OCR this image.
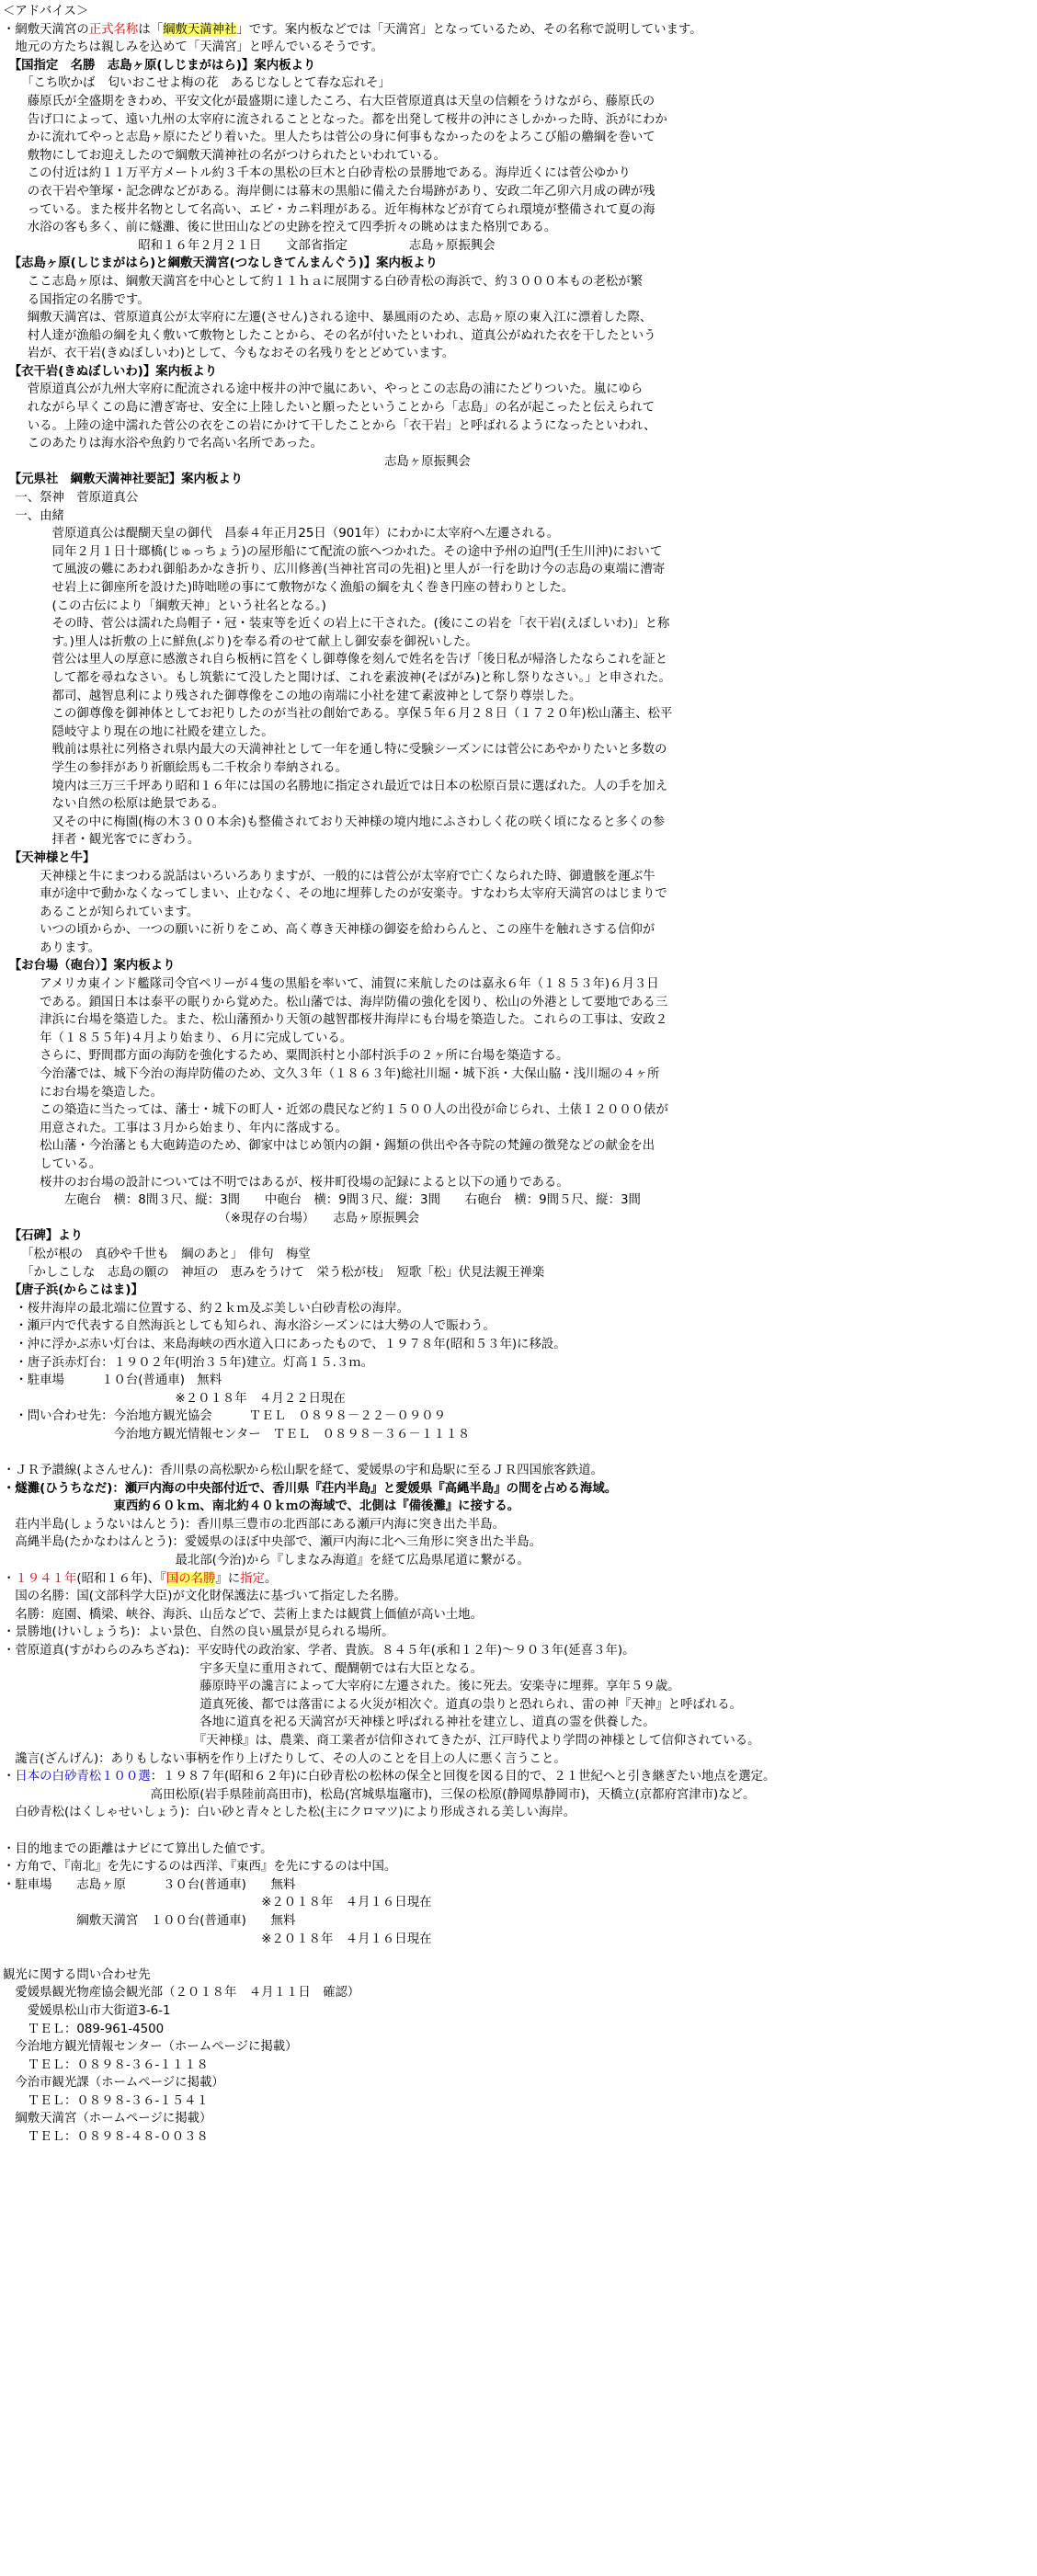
＜アドバイス＞
・網敷天満宮の正式名称は「綱敷天満神社」です。案内板などでは「天満宮」となっているため、その名称で説明しています。
　地元の方たちは親しみを込めて「天満宮」と呼んでいるそうです。
　【国指定　名勝　志島ヶ原(しじまがはら)】案内板より
　　「こち吹かば　匂いおこせよ梅の花　あるじなしとて春な忘れそ」
　　藤原氏が全盛期をきわめ、平安文化が最盛期に達したころ、右大臣菅原道真は天皇の信頼をうけながら、藤原氏の
　　告げ口によって、遠い九州の太宰府に流されることとなった。都を出発して桜井の沖にさしかかった時、浜がにわか
　　かに流れてやっと志島ヶ原にたどり着いた。里人たちは菅公の身に何事もなかったのをよろこび船の艪綱を巻いて
　　敷物にしてお迎えしたので綱敷天満神社の名がつけられたといわれている。
　　この付近は約１１万平方メートル約３千本の黒松の巨木と白砂青松の景勝地である。海岸近くには菅公ゆかり
　　の衣干岩や筆塚・記念碑などがある。海岸側には幕末の黒船に備えた台場跡があり、安政二年乙卯六月成の碑が残
　　っている。また桜井名物として名高い、エビ・カニ料理がある。近年梅林などが育てられ環境が整備されて夏の海
　　水浴の客も多く、前に燧灘、後に世田山などの史跡を控えて四季折々の眺めはまた格別である。
　　　　　　　　　　　昭和１６年２月２１日　　文部省指定　　　　　志島ヶ原振興会
　【志島ヶ原(しじまがはら)と綱敷天満宮(つなしきてんまんぐう)】案内板より
　　ここ志島ヶ原は、綱敷天満宮を中心として約１１ｈａに展開する白砂青松の海浜で、約３０００本もの老松が繁
　　る国指定の名勝です。
　　綱敷天満宮は、菅原道真公が太宰府に左遷(させん)される途中、暴風雨のため、志島ヶ原の東入江に漂着した際、
　　村人達が漁船の綱を丸く敷いて敷物としたことから、その名が付いたといわれ、道真公がぬれた衣を干したという
　　岩が、衣干岩(きぬぼしいわ)として、今もなおその名残りをとどめています。
　【衣干岩(きぬぼしいわ)】案内板より
　　菅原道真公が九州大宰府に配流される途中桜井の沖で嵐にあい、やっとこの志島の浦にたどりついた。嵐にゆら
　　れながら早くこの島に漕ぎ寄せ、安全に上陸したいと願ったということから「志島」の名が起こったと伝えられて
　　いる。上陸の途中濡れた菅公の衣をこの岩にかけて干したことから「衣干岩」と呼ばれるようになったといわれ、
　　このあたりは海水浴や魚釣りで名高い名所であった。
　　　　　　　　　　　　　　　　　　　　　　　　　　　　　　　志島ヶ原振興会
　【元県社　綱敷天満神社要記】案内板より
　一、祭神　菅原道真公
　一、由緒
　　　　菅原道真公は醍醐天皇の御代　昌泰４年正月25日（901年）にわかに太宰府へ左遷される。
　　　　同年２月１日十瑯橋(じゅっちょう)の屋形船にて配流の旅へつかれた。その途中予州の迫門(壬生川沖)において
　　　　て風波の難にあわれ御船あかなき折り、広川修善(当神社宮司の先祖)と里人が一行を助け今の志島の東端に漕寄
　　　　せ岩上に御座所を設けた)時咄嗟の事にて敷物がなく漁船の綱を丸く巻き円座の替わりとした。
　　　　(この古伝により「綱敷天神」という社名となる。)
　　　　その時、菅公は濡れた烏帽子・冠・装束等を近くの岩上に干された。(後にこの岩を「衣干岩(えぼしいわ)」と称
　　　　す。)里人は折敷の上に鮮魚(ぶり)を奉る肴のせて献上し御安泰を御祝いした。
　　　　菅公は里人の厚意に感激され自ら板柄に筥をくし御尊像を刻んで姓名を告げ「後日私が帰洛したならこれを証と
　　　　して都を尋ねなさい。もし筑紫にて没したと聞けば、これを素波神(そばがみ)と称し祭りなさい。」と申された。
　　　　都司、越智息利により残された御尊像をこの地の南端に小社を建て素波神として祭り尊崇した。
　　　　この御尊像を御神体としてお祀りしたのが当社の創始である。享保５年６月２８日（１７２０年)松山藩主、松平
　　　　隠岐守より現在の地に社殿を建立した。
　　　　戦前は県社に列格され県内最大の天満神社として一年を通し特に受験シーズンには菅公にあやかりたいと多数の
　　　　学生の参拝があり祈願絵馬も二千枚余り奉納される。
　　　　境内は三万三千坪あり昭和１６年には国の名勝地に指定され最近では日本の松原百景に選ばれた。人の手を加え
　　　　ない自然の松原は絶景である。
　　　　又その中に梅園(梅の木３００本余)も整備されており天神様の境内地にふさわしく花の咲く頃になると多くの参
　　　　拝者・観光客でにぎわう。
　【天神様と牛】
　　　天神様と牛にまつわる説話はいろいろありますが、一般的には菅公が太宰府で亡くなられた時、御遺骸を運ぶ牛
　　　車が途中で動かなくなってしまい、止むなく、その地に埋葬したのが安楽寺。すなわち太宰府天満宮のはじまりで
　　　あることが知られています。
　　　いつの頃からか、一つの願いに祈りをこめ、高く尊き天神様の御姿を給わらんと、この座牛を触れさする信仰が
　　　あります。
　【お台場（砲台）】案内板より
　　　アメリカ東インド艦隊司令官ペリーが４隻の黒船を率いて、浦賀に来航したのは嘉永６年（１８５３年)６月３日
　　　である。鎖国日本は泰平の眠りから覚めた。松山藩では、海岸防備の強化を図り、松山の外港として要地である三
　　　津浜に台場を築造した。また、松山藩預かり天領の越智郡桜井海岸にも台場を築造した。これらの工事は、安政２
　　　年（１８５５年)４月より始まり、６月に完成している。
　　　さらに、野間郡方面の海防を強化するため、粟間浜村と小部村浜手の２ヶ所に台場を築造する。
　　　今治藩では、城下今治の海岸防備のため、文久３年（１８６３年)総社川堀・城下浜・大保山脇・浅川堀の４ヶ所
　　　にお台場を築造した。
　　　この築造に当たっては、藩士・城下の町人・近郊の農民など約１５００人の出役が命じられ、土俵１２０００俵が
　　　用意された。工事は３月から始まり、年内に落成する。
　　　松山藩・今治藩とも大砲鋳造のため、御家中はじめ領内の銅・錫類の供出や各寺院の梵鐘の徴発などの献金を出
　　　している。
　　　桜井のお台場の設計については不明ではあるが、桜井町役場の記録によると以下の通りである。
　　　　　左砲台　横：8間３尺、縦：3間　　中砲台　横：9間３尺、縦：3間　　右砲台　横：9間５尺、縦：3間
　　　　　　　　　　　　　　　　　　（※現存の台場）　　志島ヶ原振興会
　【石碑】より
　　「松が根の　真砂や千世も　綱のあと」　俳句　梅堂
　　「かしこしな　志島の願の　神垣の　恵みをうけて　栄う松が枝」　短歌「松」伏見法親王禅楽
　【唐子浜(からこはま)】
　・桜井海岸の最北端に位置する、約２ｋｍ及ぶ美しい白砂青松の海岸。
　・瀬戸内で代表する自然海浜としても知られ、海水浴シーズンには大勢の人で賑わう。
　・沖に浮かぶ赤い灯台は、来島海峡の西水道入口にあったもので、１９７８年(昭和５３年)に移設。
　・唐子浜赤灯台：１９０２年(明治３５年)建立。灯高１５.３ｍ。
　・駐車場　　　１０台(普通車)　無料
　　　　　　　　　　　　　　※２０１８年　４月２２日現在
　・問い合わせ先：今治地方観光協会　　　ＴＥＬ　０８９８－２２－０９０９
　　　　　　　　　今治地方観光情報センター　ＴＥＬ　０８９８－３６－１１１８
・ＪＲ予讃線(よさんせん)：香川県の高松駅から松山駅を経て、愛媛県の宇和島駅に至るＪＲ四国旅客鉄道。
・燧灘(ひうちなだ)：瀬戸内海の中央部付近で、香川県『荘内半島』と愛媛県『高縄半島』の間を占める海域。
　　　　　　　　　東西約６０ｋｍ、南北約４０ｋｍの海域で、北側は『備後灘』に接する。
　荘内半島(しょうないはんとう)：香川県三豊市の北西部にある瀬戸内海に突き出た半島。
　高縄半島(たかなわはんとう)：愛媛県のほぼ中央部で、瀬戸内海に北へ三角形に突き出た半島。
　　　　　　　　　　　　　　最北部(今治)から『しまなみ海道』を経て広島県尾道に繋がる。
・１９４１年(昭和１６年)、『国の名勝』に指定。
　国の名勝：国(文部科学大臣)が文化財保護法に基づいて指定した名勝。
　名勝：庭園、橋梁、峡谷、海浜、山岳などで、芸術上または観賞上価値が高い土地。
・景勝地(けいしょうち)：よい景色、自然の良い風景が見られる場所。
・菅原道真(すがわらのみちざね)：平安時代の政治家、学者、貴族。８４５年(承和１２年)～９０３年(延喜３年)。
　　　　　　　　　　　　　　　　宇多天皇に重用されて、醍醐朝では右大臣となる。
　　　　　　　　　　　　　　　　藤原時平の讒言によって大宰府に左遷された。後に死去。安楽寺に埋葬。享年５９歳。
　　　　　　　　　　　　　　　　道真死後、都では落雷による火災が相次ぐ。道真の祟りと恐れられ、雷の神『天神』と呼ばれる。
　　　　　　　　　　　　　　　　各地に道真を祀る天満宮が天神様と呼ばれる神社を建立し、道真の霊を供養した。
　　　　　　　　　　　　　　　　『天神様』は、農業、商工業者が信仰されてきたが、江戸時代より学問の神様として信仰されている。
　讒言(ざんげん)：ありもしない事柄を作り上げたりして、その人のことを目上の人に悪く言うこと。
・日本の白砂青松１００選：１９８７年(昭和６２年)に白砂青松の松林の保全と回復を図る目的で、２１世紀へと引き継ぎたい地点を選定。
　　　　　　　　　　　　高田松原(岩手県陸前高田市)，松島(宮城県塩竈市)，三保の松原(静岡県静岡市)，天橋立(京都府宮津市)など。
　白砂青松(はくしゃせいしょう)：白い砂と青々とした松(主にクロマツ)により形成される美しい海岸。
・目的地までの距離はナビにて算出した値です。
・方角で、『南北』を先にするのは西洋、『東西』を先にするのは中国。
・駐車場　　志島ヶ原　　　３０台(普通車)　　無料
　　　　　　　　　　　　　　　　　　　　　※２０１８年　４月１６日現在
　　　　　　綱敷天満宮　１００台(普通車)　　無料
　　　　　　　　　　　　　　　　　　　　　※２０１８年　４月１６日現在
観光に関する問い合わせ先
　愛媛県観光物産協会観光部（２０１８年　４月１１日　確認）
　　愛媛県松山市大街道3-6-1
　　ＴＥＬ：089-961-4500
　今治地方観光情報センター（ホームページに掲載）
　　ＴＥＬ：０８９８-３６-１１１８
　今治市観光課（ホームページに掲載）
　　ＴＥＬ：０８９８-３６-１５４１
　綱敷天満宮（ホームページに掲載）
　　ＴＥＬ：０８９８-４８-００３８
